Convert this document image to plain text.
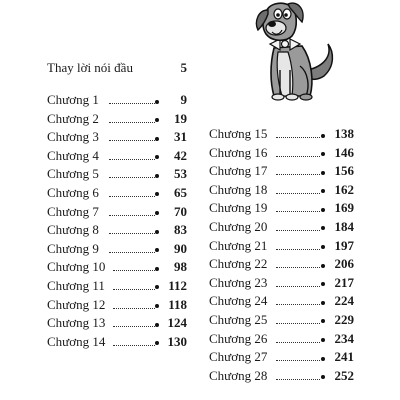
Thay lời nói đầu	5
Chương 1	9
Chương 2	19
Chương 3	31
Chương 4	42
Chương 5	53
Chương 6	65
Chương 7	70
Chương 8	83
Chương 9	90
Chương 10	98
Chương 11	112
Chương 12	118
Chương 13	124
Chương 14	130
Chương 15	138
Chương 16	146
Chương 17	156
Chương 18	162
Chương 19	169
Chương 20	184
Chương 21	197
Chương 22	206
Chương 23	217
Chương 24	224
Chương 25	229
Chương 26	234
Chương 27	241
Chương 28	252
